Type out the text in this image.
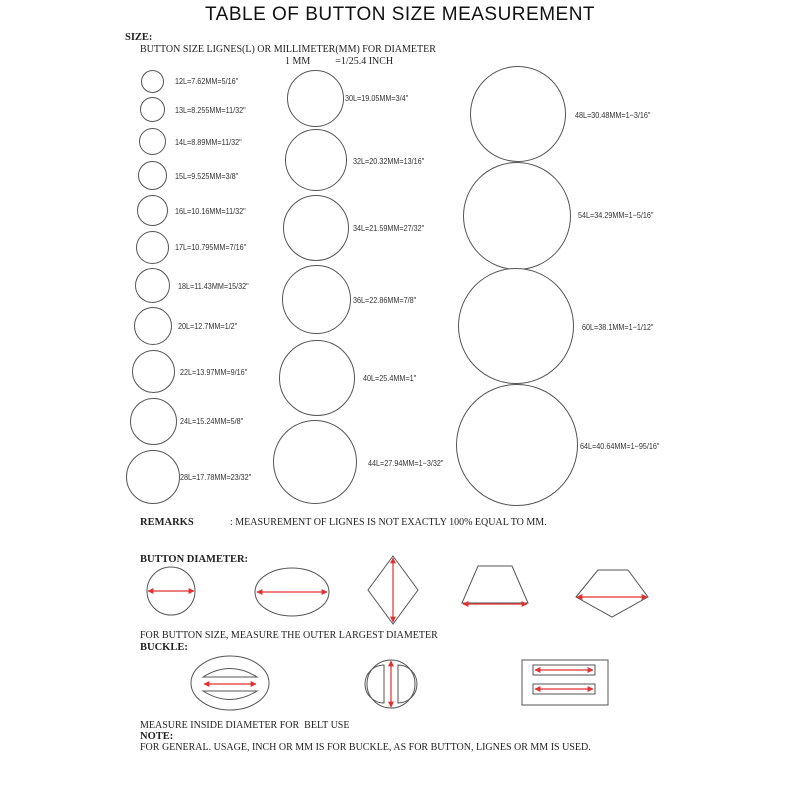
TABLE OF BUTTON SIZE MEASUREMENT
SIZE:
BUTTON SIZE LIGNES(L) OR MILLIMETER(MM) FOR DIAMETER
1 MM          =1/25.4 INCH
12L=7.62MM=5/16"
13L=8.255MM=11/32"
14L=8.89MM=11/32"
15L=9.525MM=3/8"
16L=10.16MM=11/32"
17L=10.795MM=7/16"
18L=11.43MM=15/32"
20L=12.7MM=1/2"
22L=13.97MM=9/16"
24L=15.24MM=5/8"
28L=17.78MM=23/32"
30L=19.05MM=3/4"
32L=20.32MM=13/16"
34L=21.59MM=27/32"
36L=22.86MM=7/8"
40L=25.4MM=1"
44L=27.94MM=1−3/32"
48L=30.48MM=1−3/16"
54L=34.29MM=1−5/16"
60L=38.1MM=1−1/12"
64L=40.64MM=1−95/16"
REMARKS	: MEASUREMENT OF LIGNES IS NOT EXACTLY 100% EQUAL TO MM.
BUTTON DIAMETER:
FOR BUTTON SIZE, MEASURE THE OUTER LARGEST DIAMETER
BUCKLE:
MEASURE INSIDE DIAMETER FOR  BELT USE
NOTE:
FOR GENERAL. USAGE, INCH OR MM IS FOR BUCKLE, AS FOR BUTTON, LIGNES OR MM IS USED.
